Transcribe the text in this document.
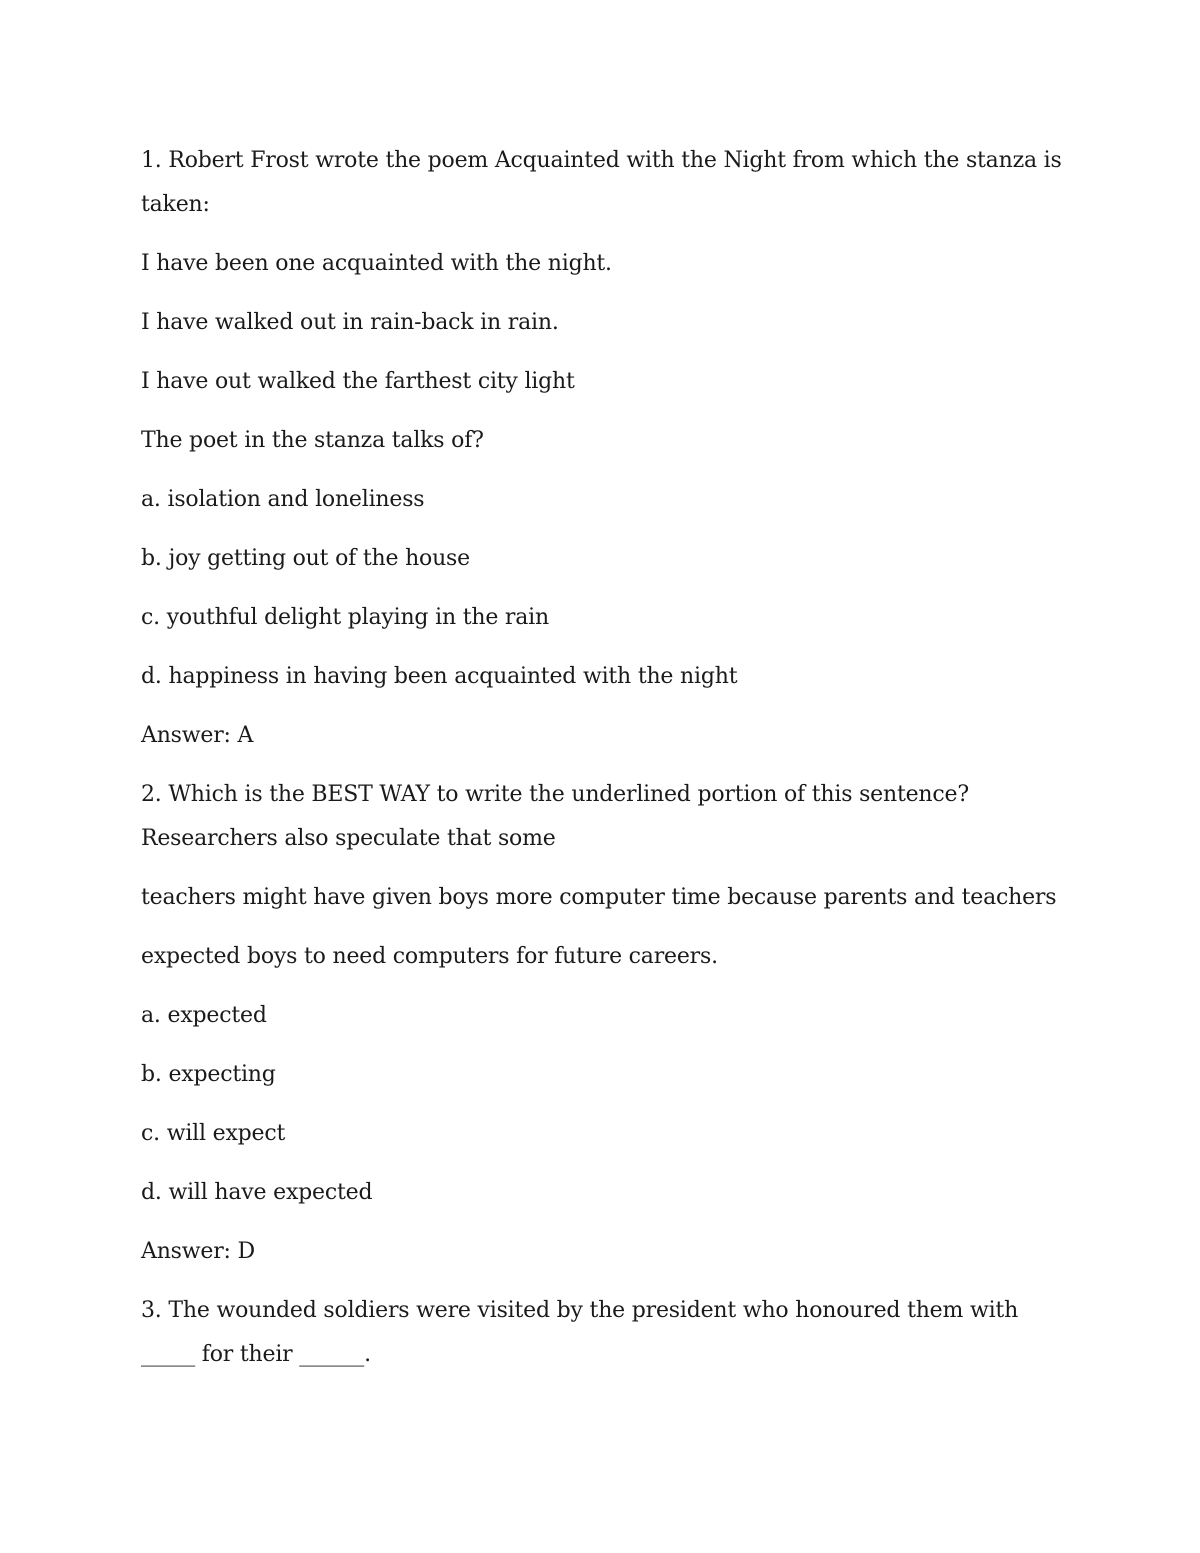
1. Robert Frost wrote the poem Acquainted with the Night from which the stanza is taken:

I have been one acquainted with the night.

I have walked out in rain-back in rain.

I have out walked the farthest city light

The poet in the stanza talks of?

a. isolation and loneliness

b. joy getting out of the house

c. youthful delight playing in the rain

d. happiness in having been acquainted with the night

Answer: A

2. Which is the BEST WAY to write the underlined portion of this sentence? Researchers also speculate that some

teachers might have given boys more computer time because parents and teachers

expected boys to need computers for future careers.

a. expected

b. expecting

c. will expect

d. will have expected

Answer: D

3. The wounded soldiers were visited by the president who honoured them with _____ for their ______.
